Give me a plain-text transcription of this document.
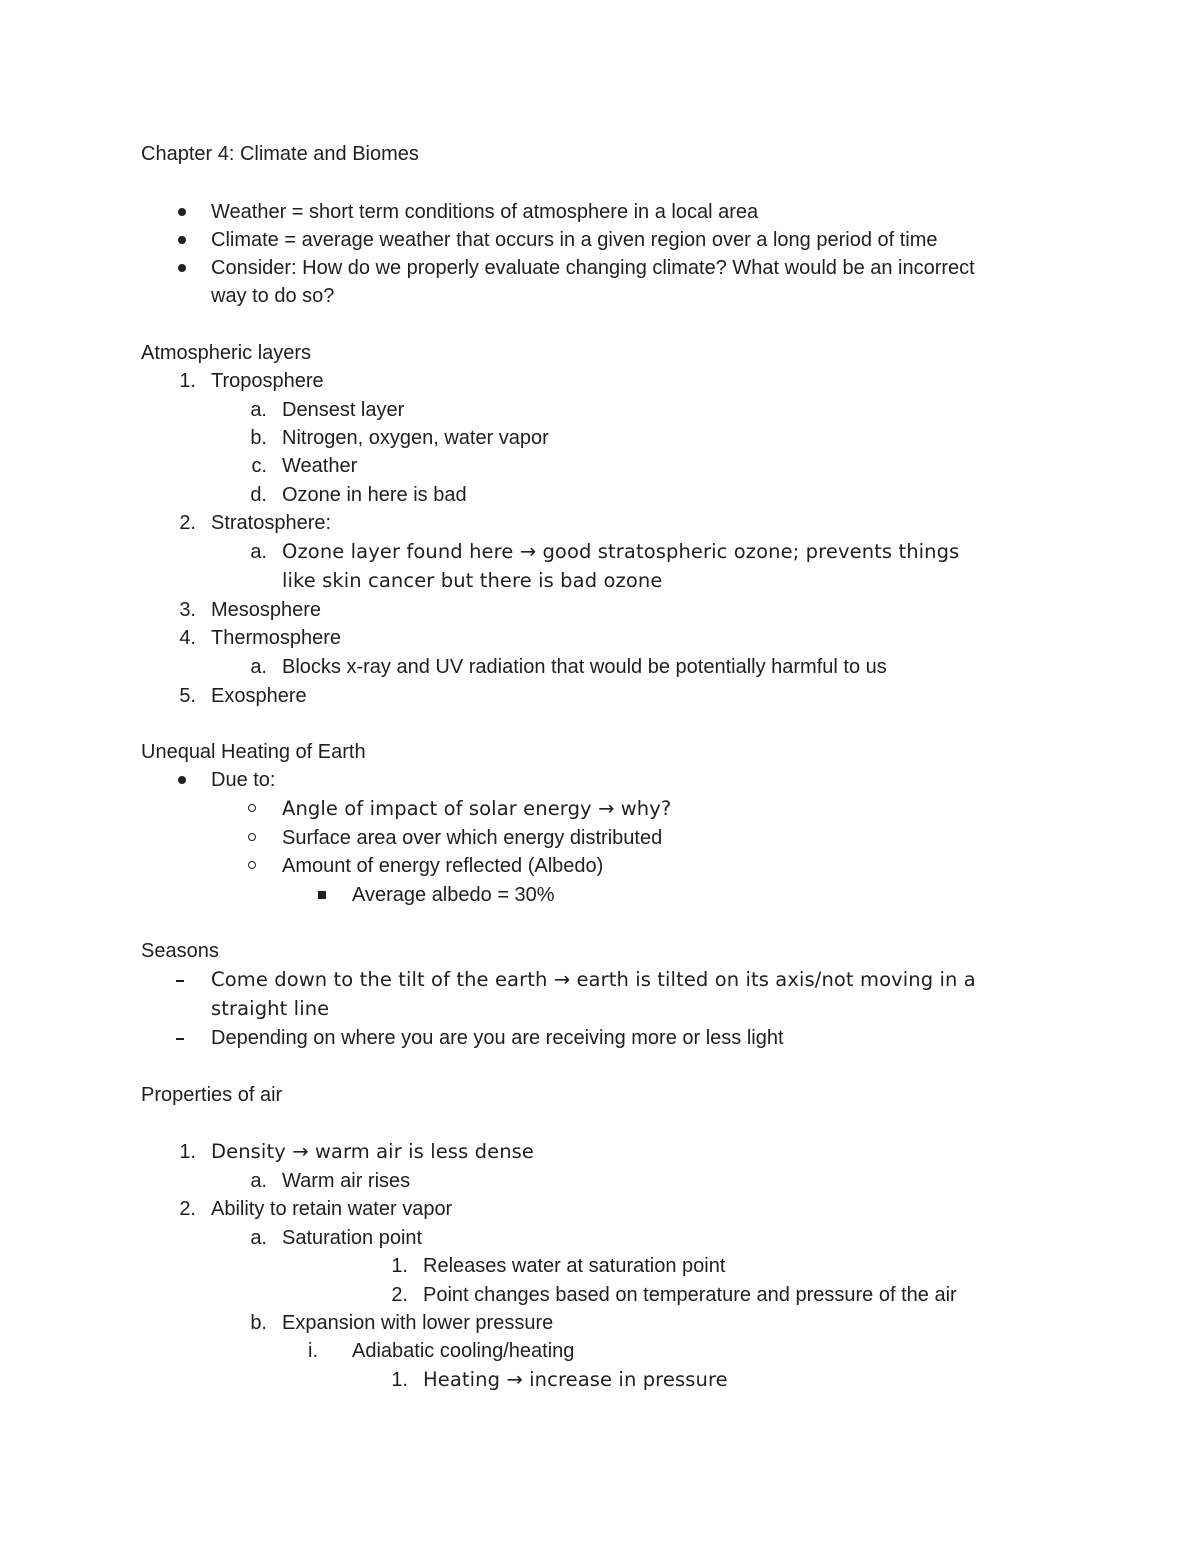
Chapter 4: Climate and Biomes
Weather = short term conditions of atmosphere in a local area
Climate = average weather that occurs in a given region over a long period of time
Consider: How do we properly evaluate changing climate? What would be an incorrect
way to do so?
Atmospheric layers
1. Troposphere
a. Densest layer
b. Nitrogen, oxygen, water vapor
c. Weather
d. Ozone in here is bad
2. Stratosphere:
a. Ozone layer found here → good stratospheric ozone; prevents things
like skin cancer but there is bad ozone
3. Mesosphere
4. Thermosphere
a. Blocks x-ray and UV radiation that would be potentially harmful to us
5. Exosphere
Unequal Heating of Earth
Due to:
Angle of impact of solar energy → why?
Surface area over which energy distributed
Amount of energy reflected (Albedo)
Average albedo = 30%
Seasons
Come down to the tilt of the earth → earth is tilted on its axis/not moving in a
straight line
Depending on where you are you are receiving more or less light
Properties of air
1. Density → warm air is less dense
a. Warm air rises
2. Ability to retain water vapor
a. Saturation point
1. Releases water at saturation point
2. Point changes based on temperature and pressure of the air
b. Expansion with lower pressure
i. Adiabatic cooling/heating
1. Heating → increase in pressure
